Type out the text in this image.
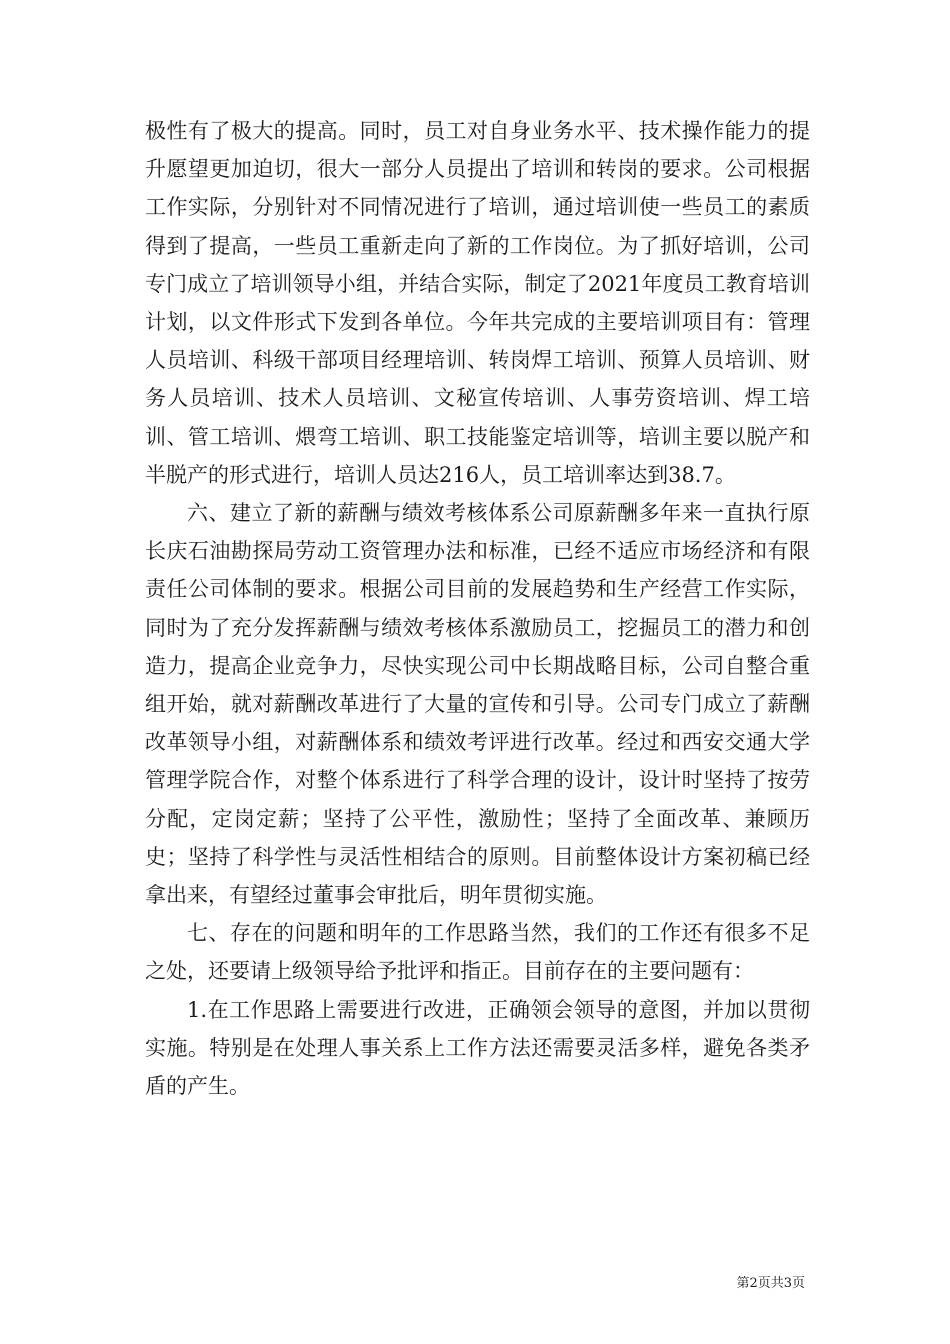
极性有了极大的提高。同时，员工对自身业务水平、技术操作能力的提升愿望更加迫切，很大一部分人员提出了培训和转岗的要求。公司根据工作实际，分别针对不同情况进行了培训，通过培训使一些员工的素质得到了提高，一些员工重新走向了新的工作岗位。为了抓好培训，公司专门成立了培训领导小组，并结合实际，制定了2021年度员工教育培训计划，以文件形式下发到各单位。今年共完成的主要培训项目有：管理人员培训、科级干部项目经理培训、转岗焊工培训、预算人员培训、财务人员培训、技术人员培训、文秘宣传培训、人事劳资培训、焊工培训、管工培训、煨弯工培训、职工技能鉴定培训等，培训主要以脱产和半脱产的形式进行，培训人员达216人，员工培训率达到38.7。

六、建立了新的薪酬与绩效考核体系公司原薪酬多年来一直执行原长庆石油勘探局劳动工资管理办法和标准，已经不适应市场经济和有限责任公司体制的要求。根据公司目前的发展趋势和生产经营工作实际，同时为了充分发挥薪酬与绩效考核体系激励员工，挖掘员工的潜力和创造力，提高企业竞争力，尽快实现公司中长期战略目标，公司自整合重组开始，就对薪酬改革进行了大量的宣传和引导。公司专门成立了薪酬改革领导小组，对薪酬体系和绩效考评进行改革。经过和西安交通大学管理学院合作，对整个体系进行了科学合理的设计，设计时坚持了按劳分配，定岗定薪；坚持了公平性，激励性；坚持了全面改革、兼顾历史；坚持了科学性与灵活性相结合的原则。目前整体设计方案初稿已经拿出来，有望经过董事会审批后，明年贯彻实施。

七、存在的问题和明年的工作思路当然，我们的工作还有很多不足之处，还要请上级领导给予批评和指正。目前存在的主要问题有：

1.在工作思路上需要进行改进，正确领会领导的意图，并加以贯彻实施。特别是在处理人事关系上工作方法还需要灵活多样，避免各类矛盾的产生。

第2页共3页
